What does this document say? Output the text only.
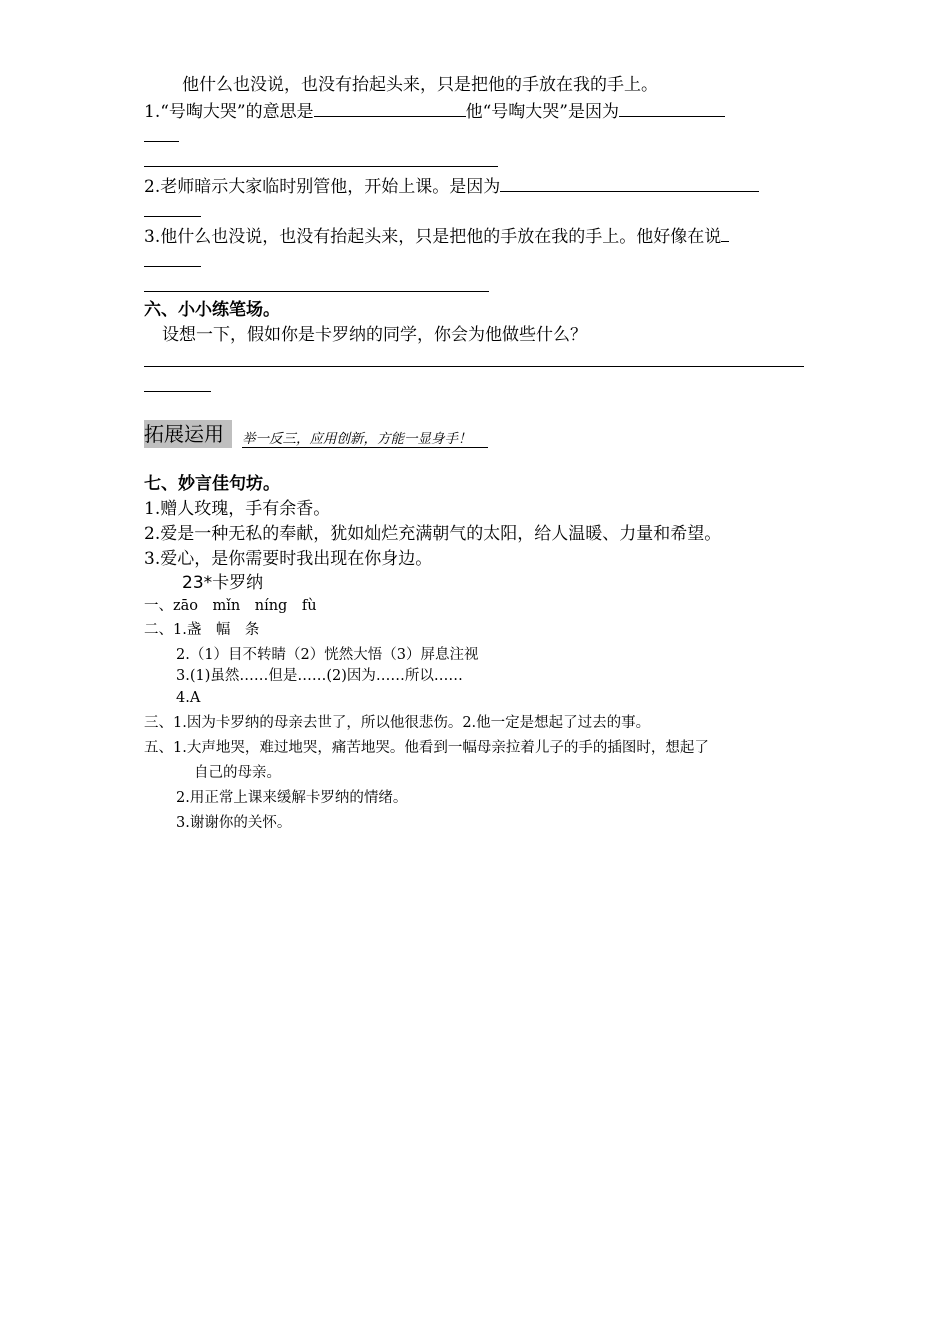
他什么也没说，也没有抬起头来，只是把他的手放在我的手上。
1.“号啕大哭”的意思是	他“号啕大哭”是因为
2.老师暗示大家临时别管他，开始上课。是因为
3.他什么也没说，也没有抬起头来，只是把他的手放在我的手上。他好像在说
六、小小练笔场。
设想一下，假如你是卡罗纳的同学，你会为他做些什么？
拓展运用	举一反三，应用创新，方能一显身手！
七、妙言佳句坊。
1.赠人玫瑰，手有余香。
2.爱是一种无私的奉献，犹如灿烂充满朝气的太阳，给人温暖、力量和希望。
3.爱心，是你需要时我出现在你身边。
23*卡罗纳
一、zāo　mǐn　níng　fù
二、1.盏　幅　条
2.（1）目不转睛（2）恍然大悟（3）屏息注视
3.(1)虽然……但是……(2)因为……所以……
4.A
三、1.因为卡罗纳的母亲去世了，所以他很悲伤。2.他一定是想起了过去的事。
五、1.大声地哭，难过地哭，痛苦地哭。他看到一幅母亲拉着儿子的手的插图时，想起了
自己的母亲。
2.用正常上课来缓解卡罗纳的情绪。
3.谢谢你的关怀。
